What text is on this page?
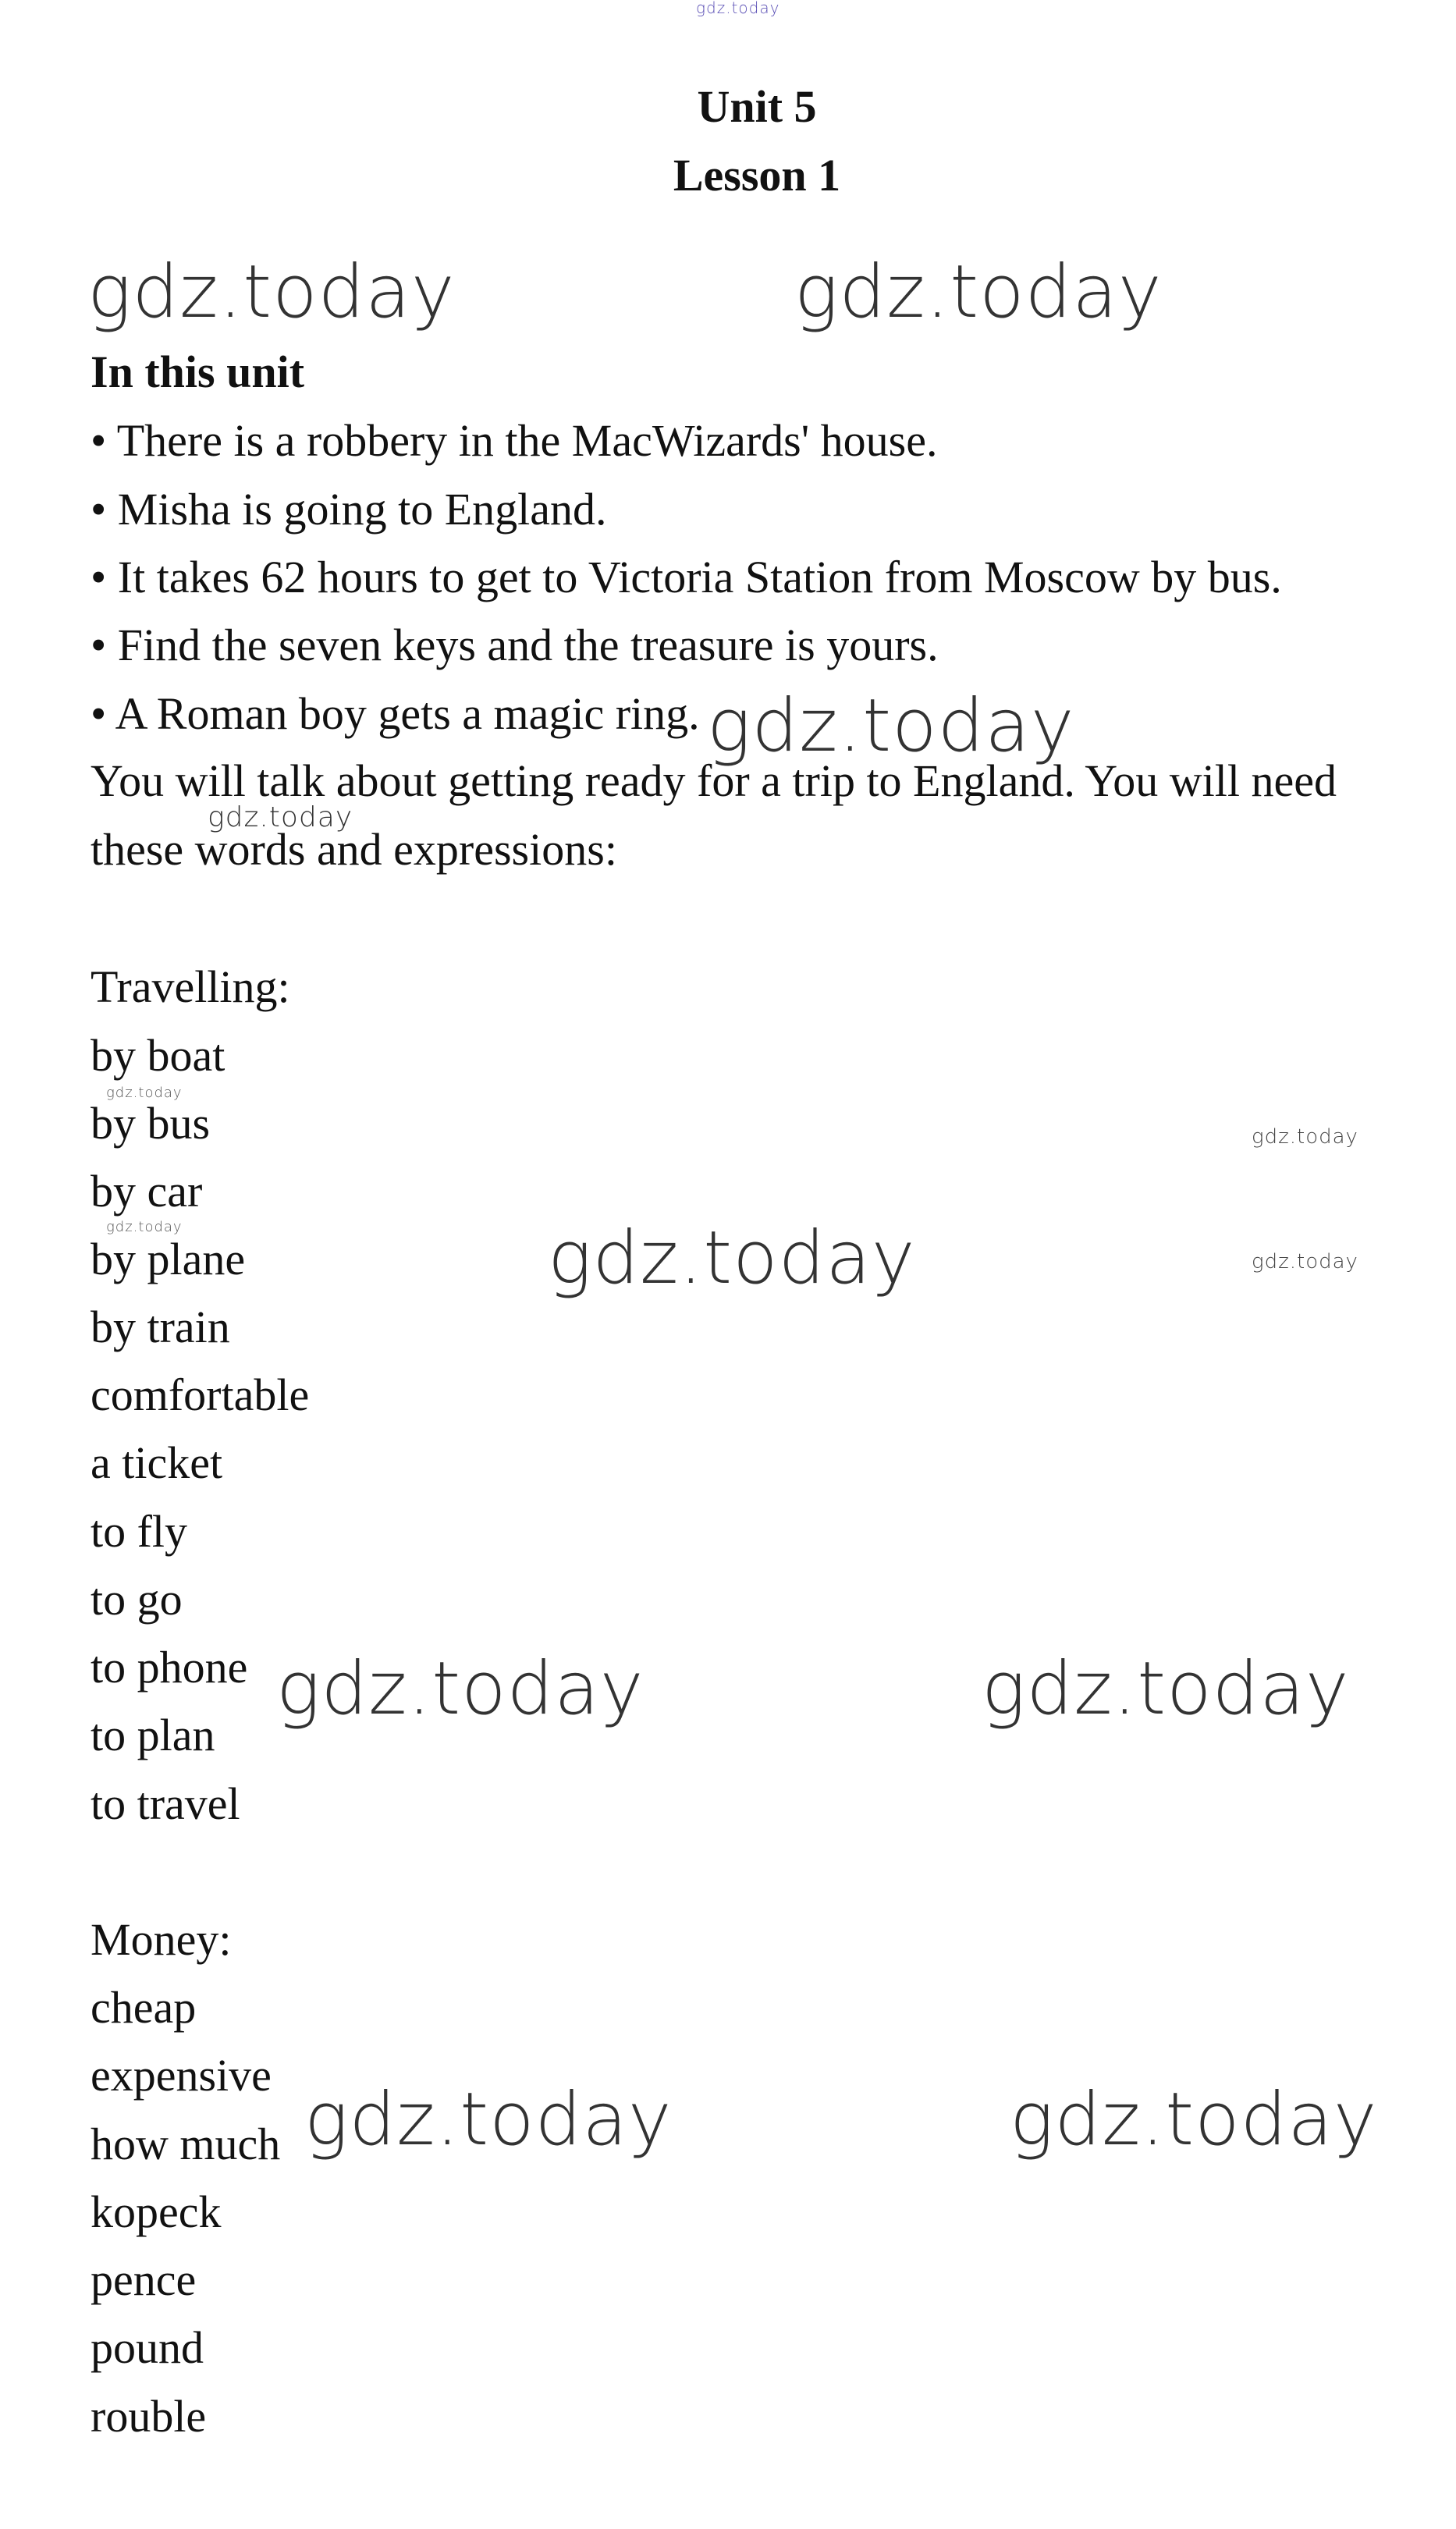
gdz.today
Unit 5
Lesson 1
gdz.today	gdz.today
In this unit
• There is a robbery in the MacWizards' house.
• Misha is going to England.
• It takes 62 hours to get to Victoria Station from Moscow by bus.
• Find the seven keys and the treasure is yours.
• A Roman boy gets a magic ring. gdz.today
You will talk about getting ready for a trip to England. You will need
gdz.today
these words and expressions:
Travelling:
by boat
gdz.today
by bus	gdz.today
by car
gdz.today
by plane	gdz.today	gdz.today
by train
comfortable
a ticket
to fly
to go
to phone gdz.today	gdz.today
to plan
to travel
Money:
cheap
expensive
how much gdz.today	gdz.today
kopeck
pence
pound
rouble
